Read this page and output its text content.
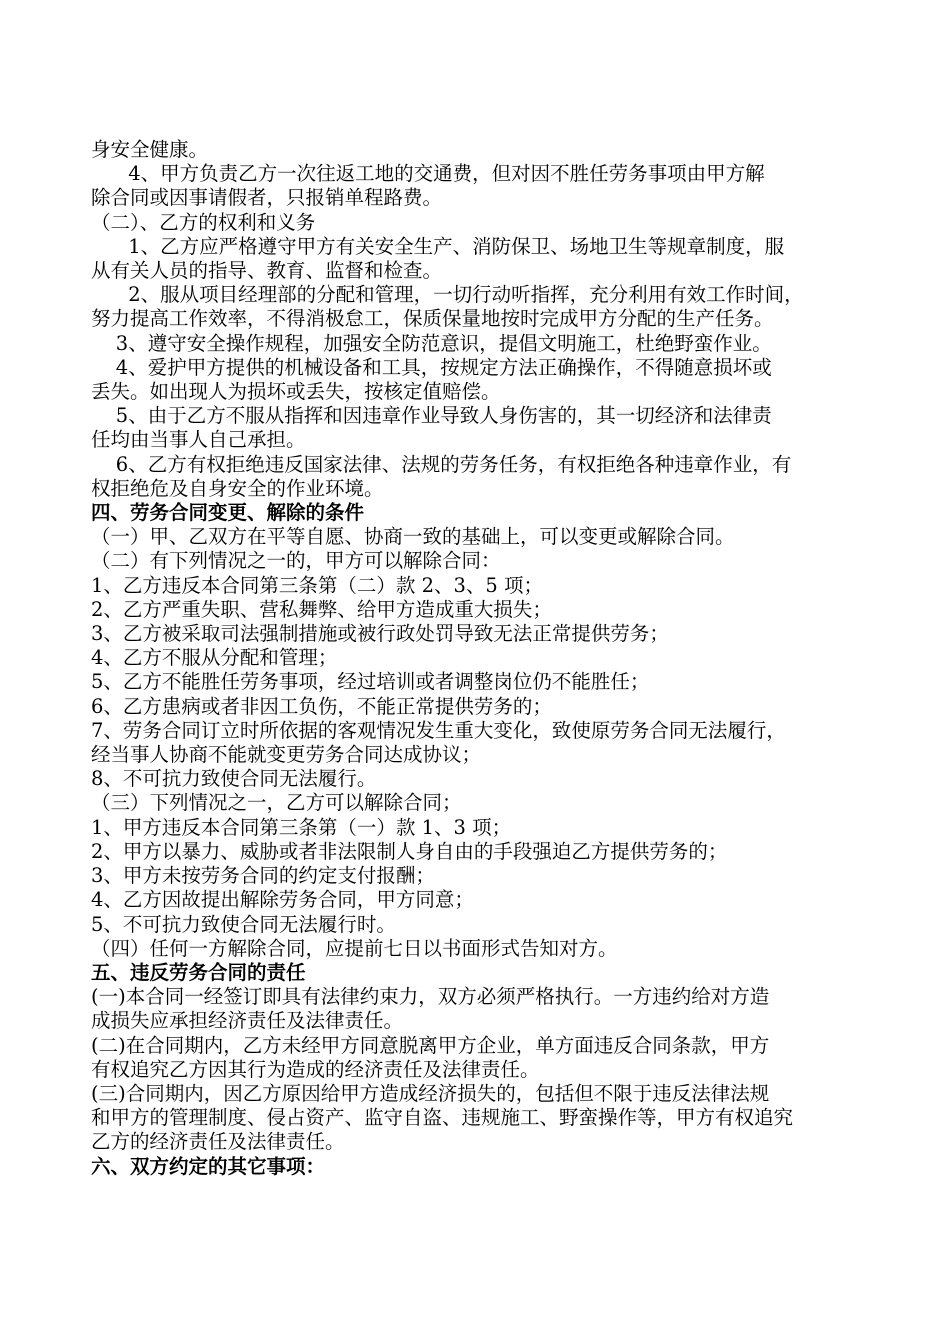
身安全健康。
4、甲方负责乙方一次往返工地的交通费，但对因不胜任劳务事项由甲方解
除合同或因事请假者，只报销单程路费。
（二）、乙方的权利和义务
1、乙方应严格遵守甲方有关安全生产、消防保卫、场地卫生等规章制度，服
从有关人员的指导、教育、监督和检查。
2、服从项目经理部的分配和管理，一切行动听指挥，充分利用有效工作时间，
努力提高工作效率，不得消极怠工，保质保量地按时完成甲方分配的生产任务。
3、遵守安全操作规程，加强安全防范意识，提倡文明施工，杜绝野蛮作业。
4、爱护甲方提供的机械设备和工具，按规定方法正确操作，不得随意损坏或
丢失。如出现人为损坏或丢失，按核定值赔偿。
5、由于乙方不服从指挥和因违章作业导致人身伤害的，其一切经济和法律责
任均由当事人自己承担。
6、乙方有权拒绝违反国家法律、法规的劳务任务，有权拒绝各种违章作业，有
权拒绝危及自身安全的作业环境。
四、劳务合同变更、解除的条件
（一）甲、乙双方在平等自愿、协商一致的基础上，可以变更或解除合同。
（二）有下列情况之一的，甲方可以解除合同：
1、乙方违反本合同第三条第（二）款 2、3、5 项；
2、乙方严重失职、营私舞弊、给甲方造成重大损失；
3、乙方被采取司法强制措施或被行政处罚导致无法正常提供劳务；
4、乙方不服从分配和管理；
5、乙方不能胜任劳务事项，经过培训或者调整岗位仍不能胜任；
6、乙方患病或者非因工负伤，不能正常提供劳务的；
7、劳务合同订立时所依据的客观情况发生重大变化，致使原劳务合同无法履行，
经当事人协商不能就变更劳务合同达成协议；
8、不可抗力致使合同无法履行。
（三）下列情况之一，乙方可以解除合同；
1、甲方违反本合同第三条第（一）款 1、3 项；
2、甲方以暴力、威胁或者非法限制人身自由的手段强迫乙方提供劳务的；
3、甲方未按劳务合同的约定支付报酬；
4、乙方因故提出解除劳务合同，甲方同意；
5、不可抗力致使合同无法履行时。
（四）任何一方解除合同，应提前七日以书面形式告知对方。
五、违反劳务合同的责任
(一)本合同一经签订即具有法律约束力，双方必须严格执行。一方违约给对方造
成损失应承担经济责任及法律责任。
(二)在合同期内，乙方未经甲方同意脱离甲方企业，单方面违反合同条款，甲方
有权追究乙方因其行为造成的经济责任及法律责任。
(三)合同期内，因乙方原因给甲方造成经济损失的，包括但不限于违反法律法规
和甲方的管理制度、侵占资产、监守自盗、违规施工、野蛮操作等，甲方有权追究
乙方的经济责任及法律责任。
六、双方约定的其它事项：
